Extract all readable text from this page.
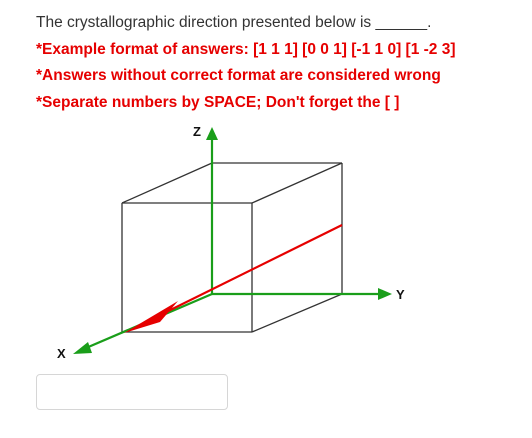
The crystallographic direction presented below is ______.

*Example format of answers: [1 1 1] [0 0 1] [-1 1 0] [1 -2 3]

*Answers without correct format are considered wrong

*Separate numbers by SPACE; Don't forget the [ ]

Z
Y
X
